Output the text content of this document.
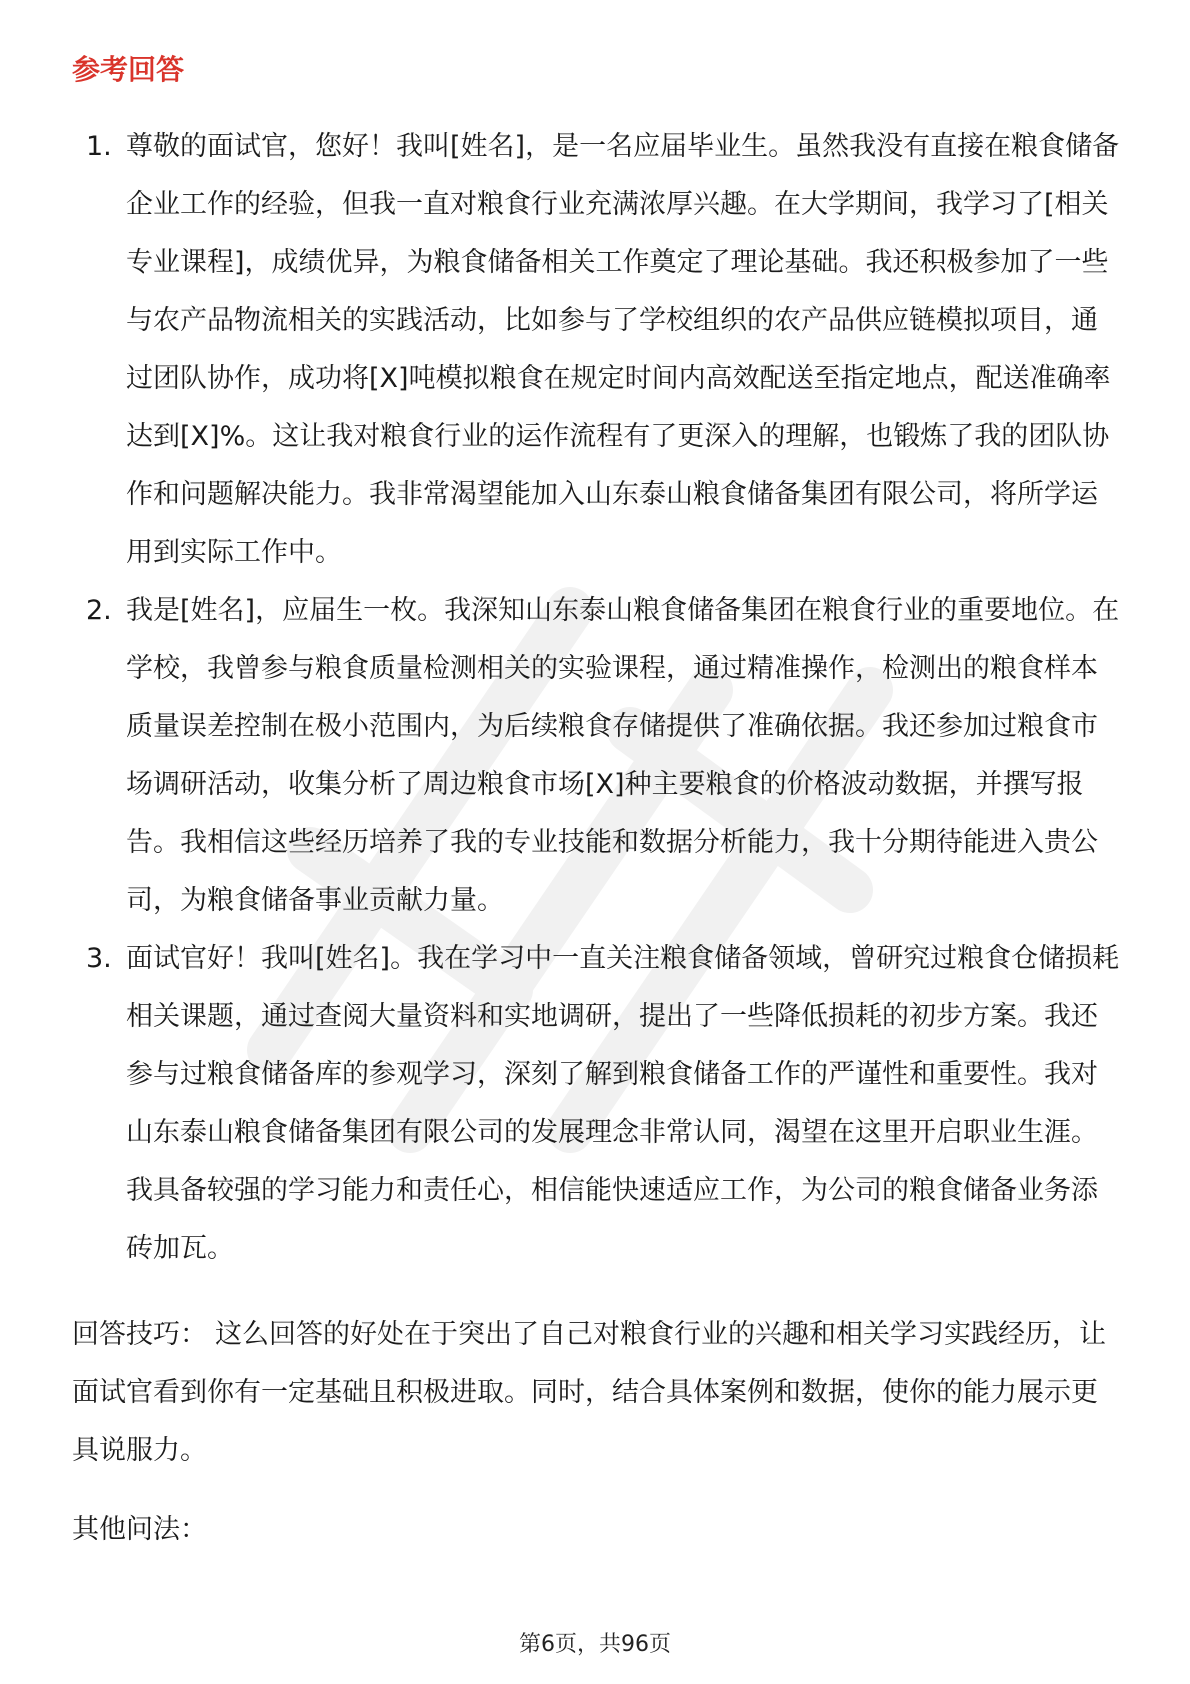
参考回答
1. 尊敬的面试官，您好！我叫[姓名]，是一名应届毕业生。虽然我没有直接在粮食储备企业工作的经验，但我一直对粮食行业充满浓厚兴趣。在大学期间，我学习了[相关专业课程]，成绩优异，为粮食储备相关工作奠定了理论基础。我还积极参加了一些与农产品物流相关的实践活动，比如参与了学校组织的农产品供应链模拟项目，通过团队协作，成功将[X]吨模拟粮食在规定时间内高效配送至指定地点，配送准确率达到[X]%。这让我对粮食行业的运作流程有了更深入的理解，也锻炼了我的团队协作和问题解决能力。我非常渴望能加入山东泰山粮食储备集团有限公司，将所学运用到实际工作中。
2. 我是[姓名]，应届生一枚。我深知山东泰山粮食储备集团在粮食行业的重要地位。在学校，我曾参与粮食质量检测相关的实验课程，通过精准操作，检测出的粮食样本质量误差控制在极小范围内，为后续粮食存储提供了准确依据。我还参加过粮食市场调研活动，收集分析了周边粮食市场[X]种主要粮食的价格波动数据，并撰写报告。我相信这些经历培养了我的专业技能和数据分析能力，我十分期待能进入贵公司，为粮食储备事业贡献力量。
3. 面试官好！我叫[姓名]。我在学习中一直关注粮食储备领域，曾研究过粮食仓储损耗相关课题，通过查阅大量资料和实地调研，提出了一些降低损耗的初步方案。我还参与过粮食储备库的参观学习，深刻了解到粮食储备工作的严谨性和重要性。我对山东泰山粮食储备集团有限公司的发展理念非常认同，渴望在这里开启职业生涯。我具备较强的学习能力和责任心，相信能快速适应工作，为公司的粮食储备业务添砖加瓦。

回答技巧： 这么回答的好处在于突出了自己对粮食行业的兴趣和相关学习实践经历，让面试官看到你有一定基础且积极进取。同时，结合具体案例和数据，使你的能力展示更具说服力。

其他问法：

第6页，共96页
